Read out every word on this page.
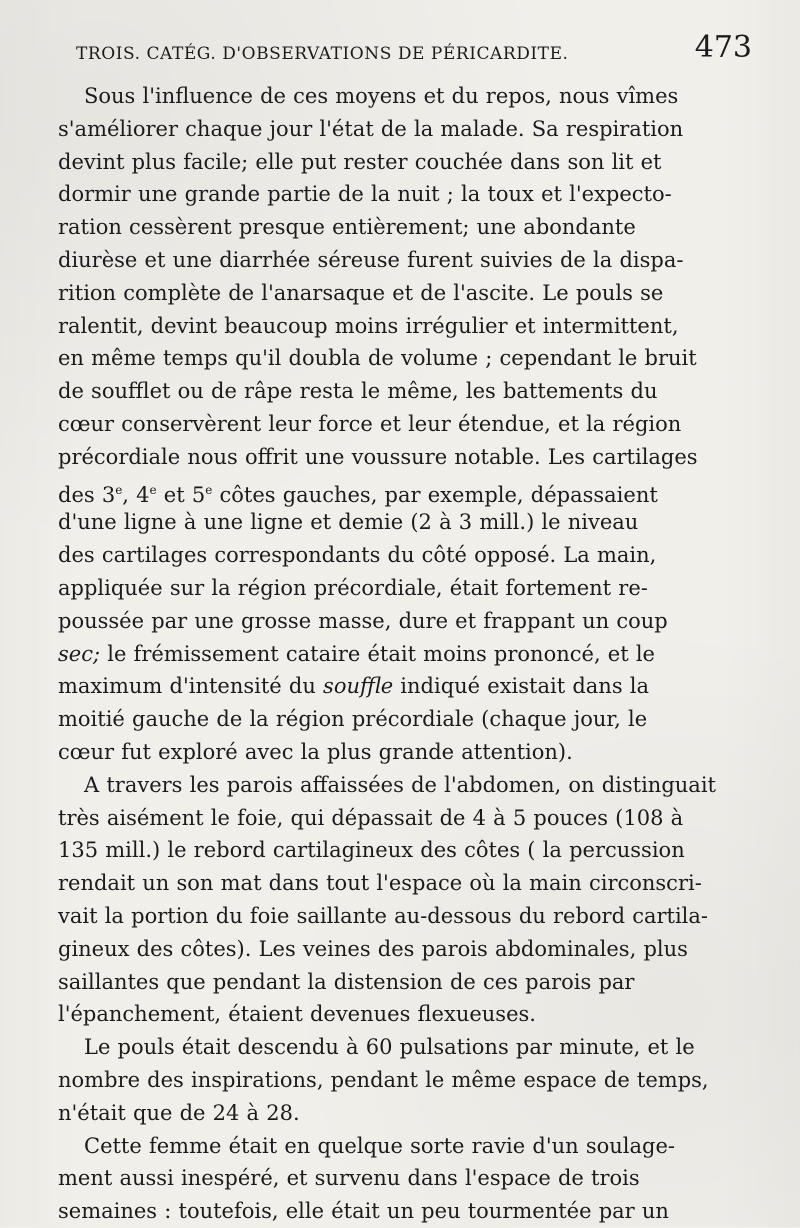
TROIS. CATÉG. D'OBSERVATIONS DE PÉRICARDITE.	473

Sous l'influence de ces moyens et du repos, nous vîmes
s'améliorer chaque jour l'état de la malade. Sa respiration
devint plus facile; elle put rester couchée dans son lit et
dormir une grande partie de la nuit ; la toux et l'expecto-
ration cessèrent presque entièrement; une abondante
diurèse et une diarrhée séreuse furent suivies de la dispa-
rition complète de l'anarsaque et de l'ascite. Le pouls se
ralentit, devint beaucoup moins irrégulier et intermittent,
en même temps qu'il doubla de volume ; cependant le bruit
de soufflet ou de râpe resta le même, les battements du
cœur conservèrent leur force et leur étendue, et la région
précordiale nous offrit une voussure notable. Les cartilages
des 3e, 4e et 5e côtes gauches, par exemple, dépassaient
d'une ligne à une ligne et demie (2 à 3 mill.) le niveau
des cartilages correspondants du côté opposé. La main,
appliquée sur la région précordiale, était fortement re-
poussée par une grosse masse, dure et frappant un coup
sec; le frémissement cataire était moins prononcé, et le
maximum d'intensité du souffle indiqué existait dans la
moitié gauche de la région précordiale (chaque jour, le
cœur fut exploré avec la plus grande attention).

A travers les parois affaissées de l'abdomen, on distinguait
très aisément le foie, qui dépassait de 4 à 5 pouces (108 à
135 mill.) le rebord cartilagineux des côtes ( la percussion
rendait un son mat dans tout l'espace où la main circonscri-
vait la portion du foie saillante au-dessous du rebord cartila-
gineux des côtes). Les veines des parois abdominales, plus
saillantes que pendant la distension de ces parois par
l'épanchement, étaient devenues flexueuses.

Le pouls était descendu à 60 pulsations par minute, et le
nombre des inspirations, pendant le même espace de temps,
n'était que de 24 à 28.

Cette femme était en quelque sorte ravie d'un soulage-
ment aussi inespéré, et survenu dans l'espace de trois
semaines : toutefois, elle était un peu tourmentée par un
